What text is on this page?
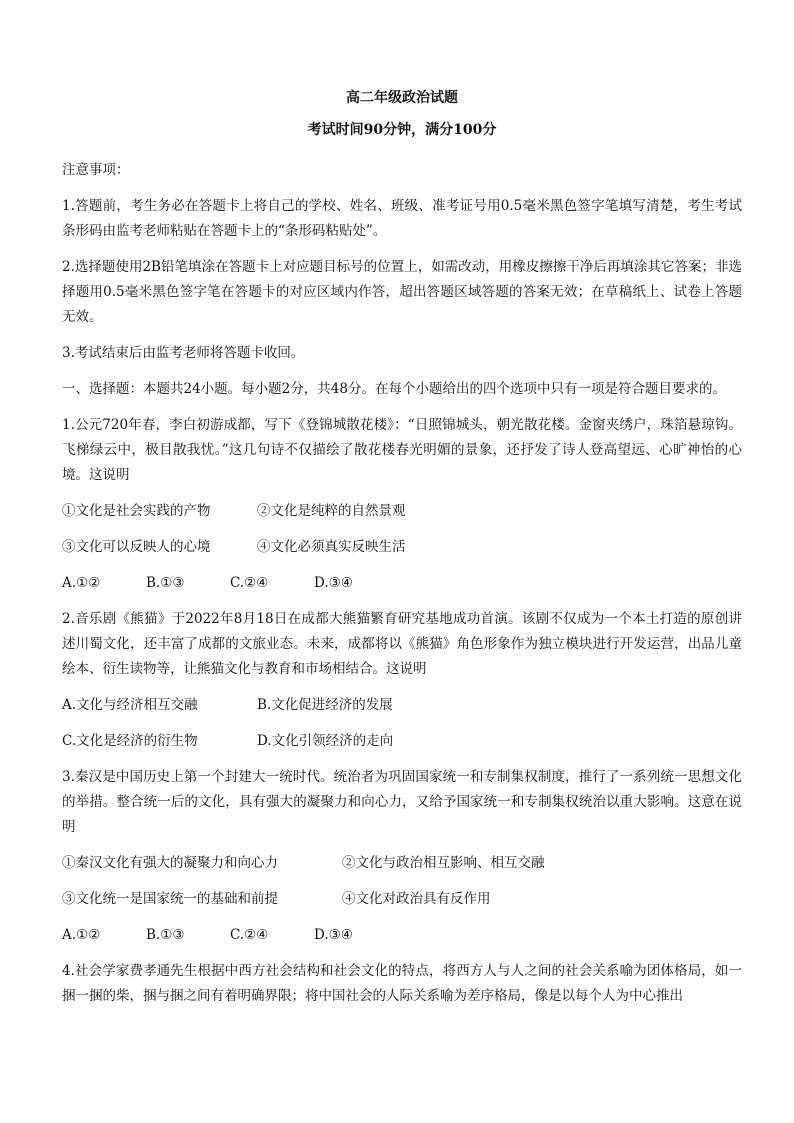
高二年级政治试题
考试时间90分钟，满分100分
注意事项：
1.答题前，考生务必在答题卡上将自己的学校、姓名、班级、准考证号用0.5毫米黑色签字笔填写清楚，考生考试条形码由监考老师粘贴在答题卡上的“条形码粘贴处”。
2.选择题使用2B铅笔填涂在答题卡上对应题目标号的位置上，如需改动，用橡皮擦擦干净后再填涂其它答案；非选择题用0.5毫米黑色签字笔在答题卡的对应区域内作答，超出答题区域答题的答案无效；在草稿纸上、试卷上答题无效。
3.考试结束后由监考老师将答题卡收回。
一、选择题：本题共24小题。每小题2分，共48分。在每个小题给出的四个选项中只有一项是符合题目要求的。
1.公元720年春，李白初游成都，写下《登锦城散花楼》：“日照锦城头，朝光散花楼。金窗夹绣户，珠箔悬琼钩。飞梯绿云中，极目散我忧。”这几句诗不仅描绘了散花楼春光明媚的景象，还抒发了诗人登高望远、心旷神怡的心境。这说明
①文化是社会实践的产物	②文化是纯粹的自然景观
③文化可以反映人的心境	④文化必须真实反映生活
A.①②	B.①③	C.②④	D.③④
2.音乐剧《熊猫》于2022年8月18日在成都大熊猫繁育研究基地成功首演。该剧不仅成为一个本土打造的原创讲述川蜀文化，还丰富了成都的文旅业态。未来，成都将以《熊猫》角色形象作为独立模块进行开发运营，出品儿童绘本、衍生读物等，让熊猫文化与教育和市场相结合。这说明
A.文化与经济相互交融	B.文化促进经济的发展
C.文化是经济的衍生物	D.文化引领经济的走向
3.秦汉是中国历史上第一个封建大一统时代。统治者为巩固国家统一和专制集权制度，推行了一系列统一思想文化的举措。整合统一后的文化，具有强大的凝聚力和向心力，又给予国家统一和专制集权统治以重大影响。这意在说明
①秦汉文化有强大的凝聚力和向心力	②文化与政治相互影响、相互交融
③文化统一是国家统一的基础和前提	④文化对政治具有反作用
A.①②	B.①③	C.②④	D.③④
4.社会学家费孝通先生根据中西方社会结构和社会文化的特点，将西方人与人之间的社会关系喻为团体格局，如一捆一捆的柴，捆与捆之间有着明确界限；将中国社会的人际关系喻为差序格局，像是以每个人为中心推出
